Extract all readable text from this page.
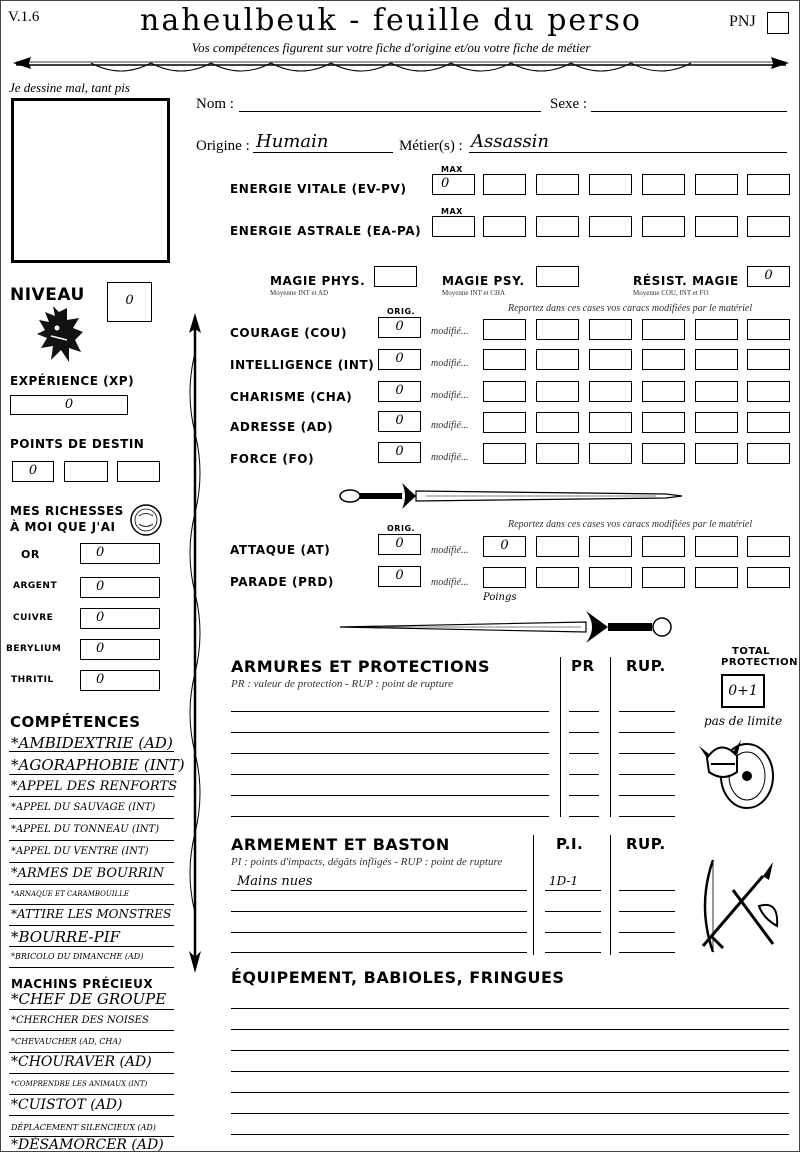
V.1.6	naheulbeuk - feuille du perso
Vos compétences figurent sur votre fiche d'origine et/ou votre fiche de métier
PNJ
Je dessine mal, tant pis
Nom :	Sexe :
Origine : Humain	Métier(s) : Assassin
MAX
ENERGIE VITALE (EV-PV)	0
MAX
ENERGIE ASTRALE (EA-PA)
MAGIE PHYS.
Moyenne INT et AD
MAGIE PSY.
Moyenne INT et CHA
RÉSIST. MAGIE
Moyenne COU, INT et FO
0
NIVEAU	0
EXPÉRIENCE (XP)
0
POINTS DE DESTIN
0
MES RICHESSES
À MOI QUE J'AI
OR	0
ARGENT	0
CUIVRE	0
BERYLIUM	0
THRITIL	0
ORIG.	Reportez dans ces cases vos caracs modifiées par le matériel
COURAGE (COU)	0	modifié...
INTELLIGENCE (INT)	0	modifié...
CHARISME (CHA)	0	modifié...
ADRESSE (AD)	0	modifié...
FORCE (FO)	0	modifié...
ORIG.	Reportez dans ces cases vos caracs modifiées par le matériel
ATTAQUE (AT)	0	modifié...	0
PARADE (PRD)	0	modifié...
Poings
ARMURES ET PROTECTIONS
PR : valeur de protection - RUP : point de rupture
PR RUP.
TOTAL
PROTECTION
0+1
pas de limite
ARMEMENT ET BASTON
PI : points d'impacts, dégâts infligés - RUP : point de rupture
P.I.	RUP.
Mains nues	1D-1
ÉQUIPEMENT, BABIOLES, FRINGUES
COMPÉTENCES
*AMBIDEXTRIE (AD)
*AGORAPHOBIE (INT)
*APPEL DES RENFORTS
*APPEL DU SAUVAGE (INT)
*APPEL DU TONNEAU (INT)
*APPEL DU VENTRE (INT)
*ARMES DE BOURRIN
*ARNAQUE ET CARAMBOUILLE
*ATTIRE LES MONSTRES
*BOURRE-PIF
*BRICOLO DU DIMANCHE (AD)
MACHINS PRÉCIEUX
*CHEF DE GROUPE
*CHERCHER DES NOISES
*CHEVAUCHER (AD, CHA)
*CHOURAVER (AD)
*COMPRENDRE LES ANIMAUX (INT)
*CUISTOT (AD)
DÉPLACEMENT SILENCIEUX (AD)
*DÉSAMORCER (AD)
